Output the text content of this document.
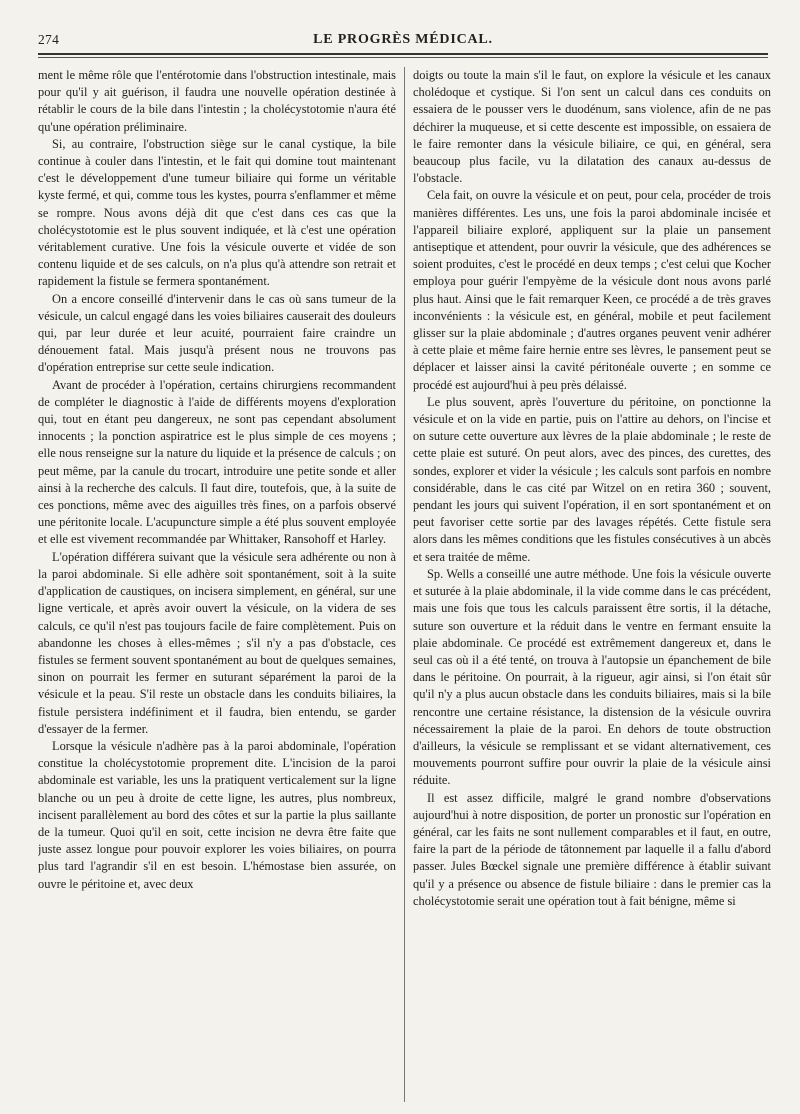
274	LE PROGRÈS MÉDICAL.

ment le même rôle que l'entérotomie dans l'obstruction intestinale, mais pour qu'il y ait guérison, il faudra une nouvelle opération destinée à rétablir le cours de la bile dans l'intestin ; la cholécystotomie n'aura été qu'une opération préliminaire.

Si, au contraire, l'obstruction siège sur le canal cystique, la bile continue à couler dans l'intestin, et le fait qui domine tout maintenant c'est le développement d'une tumeur biliaire qui forme un véritable kyste fermé, et qui, comme tous les kystes, pourra s'enflammer et même se rompre. Nous avons déjà dit que c'est dans ces cas que la cholécystotomie est le plus souvent indiquée, et là c'est une opération véritablement curative. Une fois la vésicule ouverte et vidée de son contenu liquide et de ses calculs, on n'a plus qu'à attendre son retrait et rapidement la fistule se fermera spontanément.

On a encore conseillé d'intervenir dans le cas où sans tumeur de la vésicule, un calcul engagé dans les voies biliaires causerait des douleurs qui, par leur durée et leur acuité, pourraient faire craindre un dénouement fatal. Mais jusqu'à présent nous ne trouvons pas d'opération entreprise sur cette seule indication.

Avant de procéder à l'opération, certains chirurgiens recommandent de compléter le diagnostic à l'aide de différents moyens d'exploration qui, tout en étant peu dangereux, ne sont pas cependant absolument innocents ; la ponction aspiratrice est le plus simple de ces moyens ; elle nous renseigne sur la nature du liquide et la présence de calculs ; on peut même, par la canule du trocart, introduire une petite sonde et aller ainsi à la recherche des calculs. Il faut dire, toutefois, que, à la suite de ces ponctions, même avec des aiguilles très fines, on a parfois observé une péritonite locale. L'acupuncture simple a été plus souvent employée et elle est vivement recommandée par Whittaker, Ransohoff et Harley.

L'opération différera suivant que la vésicule sera adhérente ou non à la paroi abdominale. Si elle adhère soit spontanément, soit à la suite d'application de caustiques, on incisera simplement, en général, sur une ligne verticale, et après avoir ouvert la vésicule, on la videra de ses calculs, ce qu'il n'est pas toujours facile de faire complètement. Puis on abandonne les choses à elles-mêmes ; s'il n'y a pas d'obstacle, ces fistules se ferment souvent spontanément au bout de quelques semaines, sinon on pourrait les fermer en suturant séparément la paroi de la vésicule et la peau. S'il reste un obstacle dans les conduits biliaires, la fistule persistera indéfiniment et il faudra, bien entendu, se garder d'essayer de la fermer.

Lorsque la vésicule n'adhère pas à la paroi abdominale, l'opération constitue la cholécystotomie proprement dite. L'incision de la paroi abdominale est variable, les uns la pratiquent verticalement sur la ligne blanche ou un peu à droite de cette ligne, les autres, plus nombreux, incisent parallèlement au bord des côtes et sur la partie la plus saillante de la tumeur. Quoi qu'il en soit, cette incision ne devra être faite que juste assez longue pour pouvoir explorer les voies biliaires, on pourra plus tard l'agrandir s'il en est besoin. L'hémostase bien assurée, on ouvre le péritoine et, avec deux

doigts ou toute la main s'il le faut, on explore la vésicule et les canaux cholédoque et cystique. Si l'on sent un calcul dans ces conduits on essaiera de le pousser vers le duodénum, sans violence, afin de ne pas déchirer la muqueuse, et si cette descente est impossible, on essaiera de le faire remonter dans la vésicule biliaire, ce qui, en général, sera beaucoup plus facile, vu la dilatation des canaux au-dessus de l'obstacle.

Cela fait, on ouvre la vésicule et on peut, pour cela, procéder de trois manières différentes. Les uns, une fois la paroi abdominale incisée et l'appareil biliaire exploré, appliquent sur la plaie un pansement antiseptique et attendent, pour ouvrir la vésicule, que des adhérences se soient produites, c'est le procédé en deux temps ; c'est celui que Kocher employa pour guérir l'empyème de la vésicule dont nous avons parlé plus haut. Ainsi que le fait remarquer Keen, ce procédé a de très graves inconvénients : la vésicule est, en général, mobile et peut facilement glisser sur la plaie abdominale ; d'autres organes peuvent venir adhérer à cette plaie et même faire hernie entre ses lèvres, le pansement peut se déplacer et laisser ainsi la cavité péritonéale ouverte ; en somme ce procédé est aujourd'hui à peu près délaissé.

Le plus souvent, après l'ouverture du péritoine, on ponctionne la vésicule et on la vide en partie, puis on l'attire au dehors, on l'incise et on suture cette ouverture aux lèvres de la plaie abdominale ; le reste de cette plaie est suturé. On peut alors, avec des pinces, des curettes, des sondes, explorer et vider la vésicule ; les calculs sont parfois en nombre considérable, dans le cas cité par Witzel on en retira 360 ; souvent, pendant les jours qui suivent l'opération, il en sort spontanément et on peut favoriser cette sortie par des lavages répétés. Cette fistule sera alors dans les mêmes conditions que les fistules consécutives à un abcès et sera traitée de même.

Sp. Wells a conseillé une autre méthode. Une fois la vésicule ouverte et suturée à la plaie abdominale, il la vide comme dans le cas précédent, mais une fois que tous les calculs paraissent être sortis, il la détache, suture son ouverture et la réduit dans le ventre en fermant ensuite la plaie abdominale. Ce procédé est extrêmement dangereux et, dans le seul cas où il a été tenté, on trouva à l'autopsie un épanchement de bile dans le péritoine. On pourrait, à la rigueur, agir ainsi, si l'on était sûr qu'il n'y a plus aucun obstacle dans les conduits biliaires, mais si la bile rencontre une certaine résistance, la distension de la vésicule ouvrira nécessairement la plaie de la paroi. En dehors de toute obstruction d'ailleurs, la vésicule se remplissant et se vidant alternativement, ces mouvements pourront suffire pour ouvrir la plaie de la vésicule ainsi réduite.

Il est assez difficile, malgré le grand nombre d'observations aujourd'hui à notre disposition, de porter un pronostic sur l'opération en général, car les faits ne sont nullement comparables et il faut, en outre, faire la part de la période de tâtonnement par laquelle il a fallu d'abord passer. Jules Bœckel signale une première différence à établir suivant qu'il y a présence ou absence de fistule biliaire : dans le premier cas la cholécystotomie serait une opération tout à fait bénigne, même si
